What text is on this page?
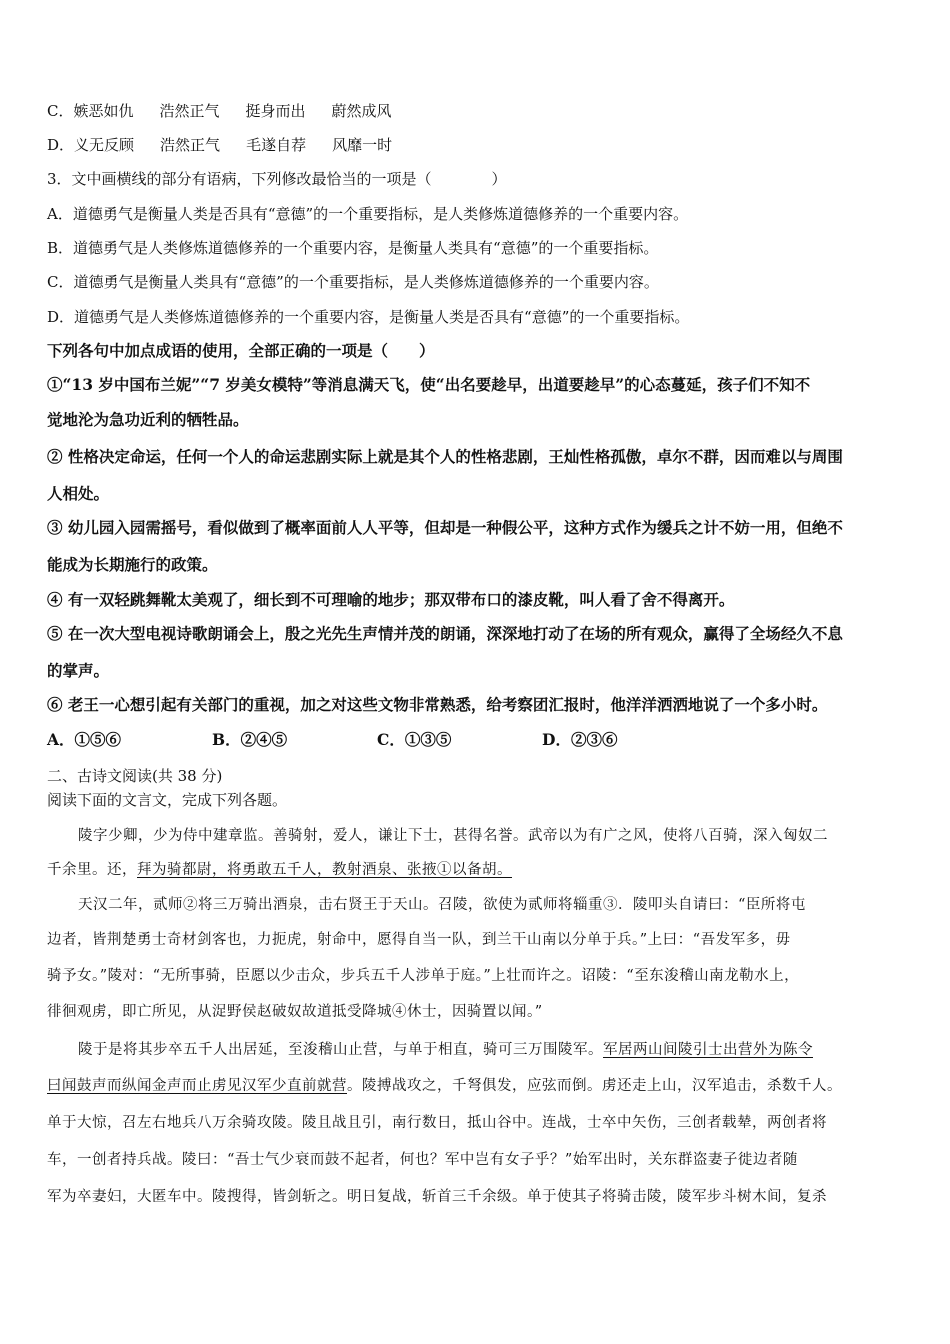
C．嫉恶如仇 浩然正气 挺身而出 蔚然成风
D．义无反顾 浩然正气 毛遂自荐 风靡一时
3．文中画横线的部分有语病，下列修改最恰当的一项是（　　　　）
A．道德勇气是衡量人类是否具有“意德”的一个重要指标，是人类修炼道德修养的一个重要内容。
B．道德勇气是人类修炼道德修养的一个重要内容，是衡量人类具有“意德”的一个重要指标。
C．道德勇气是衡量人类具有“意德”的一个重要指标，是人类修炼道德修养的一个重要内容。
D．道德勇气是人类修炼道德修养的一个重要内容，是衡量人类是否具有“意德”的一个重要指标。
下列各句中加点成语的使用，全部正确的一项是（　　）
①“13 岁中国布兰妮”“7 岁美女模特”等消息满天飞，使“出名要趁早，出道要趁早”的心态蔓延，孩子们不知不
觉地沦为急功近利的牺牲品。
② 性格决定命运，任何一个人的命运悲剧实际上就是其个人的性格悲剧，王灿性格孤傲，卓尔不群，因而难以与周围
人相处。
③ 幼儿园入园需摇号，看似做到了概率面前人人平等，但却是一种假公平，这种方式作为缓兵之计不妨一用，但绝不
能成为长期施行的政策。
④ 有一双轻跳舞靴太美观了，细长到不可理喻的地步；那双带布口的漆皮靴，叫人看了舍不得离开。
⑤ 在一次大型电视诗歌朗诵会上，殷之光先生声情并茂的朗诵，深深地打动了在场的所有观众，赢得了全场经久不息
的掌声。
⑥ 老王一心想引起有关部门的重视，加之对这些文物非常熟悉，给考察团汇报时，他洋洋洒洒地说了一个多小时。
A．①⑤⑥	B．②④⑤	C．①③⑤	D．②③⑥
二、古诗文阅读(共 38 分)
阅读下面的文言文，完成下列各题。
陵字少卿，少为侍中建章监。善骑射，爱人，谦让下士，甚得名誉。武帝以为有广之风，使将八百骑，深入匈奴二
千余里。还，拜为骑都尉，将勇敢五千人，教射酒泉、张掖①以备胡。
天汉二年，贰师②将三万骑出酒泉，击右贤王于天山。召陵，欲使为贰师将辎重③．陵叩头自请曰：“臣所将屯
边者，皆荆楚勇士奇材剑客也，力扼虎，射命中，愿得自当一队，到兰干山南以分单于兵。”上曰：“吾发军多，毋
骑予女。”陵对：“无所事骑，臣愿以少击众，步兵五千人涉单于庭。”上壮而许之。诏陵：“至东浚稽山南龙勒水上，
徘徊观虏，即亡所见，从浞野侯赵破奴故道抵受降城④休士，因骑置以闻。”
陵于是将其步卒五千人出居延，至浚稽山止营，与单于相直，骑可三万围陵军。军居两山间陵引士出营外为陈令
曰闻鼓声而纵闻金声而止虏见汉军少直前就营。陵搏战攻之，千弩俱发，应弦而倒。虏还走上山，汉军追击，杀数千人。
单于大惊，召左右地兵八万余骑攻陵。陵且战且引，南行数日，抵山谷中。连战，士卒中矢伤，三创者载辇，两创者将
车，一创者持兵战。陵曰：“吾士气少衰而鼓不起者，何也？军中岂有女子乎？”始军出时，关东群盗妻子徙边者随
军为卒妻妇，大匿车中。陵搜得，皆剑斩之。明日复战，斩首三千余级。单于使其子将骑击陵，陵军步斗树木间，复杀
